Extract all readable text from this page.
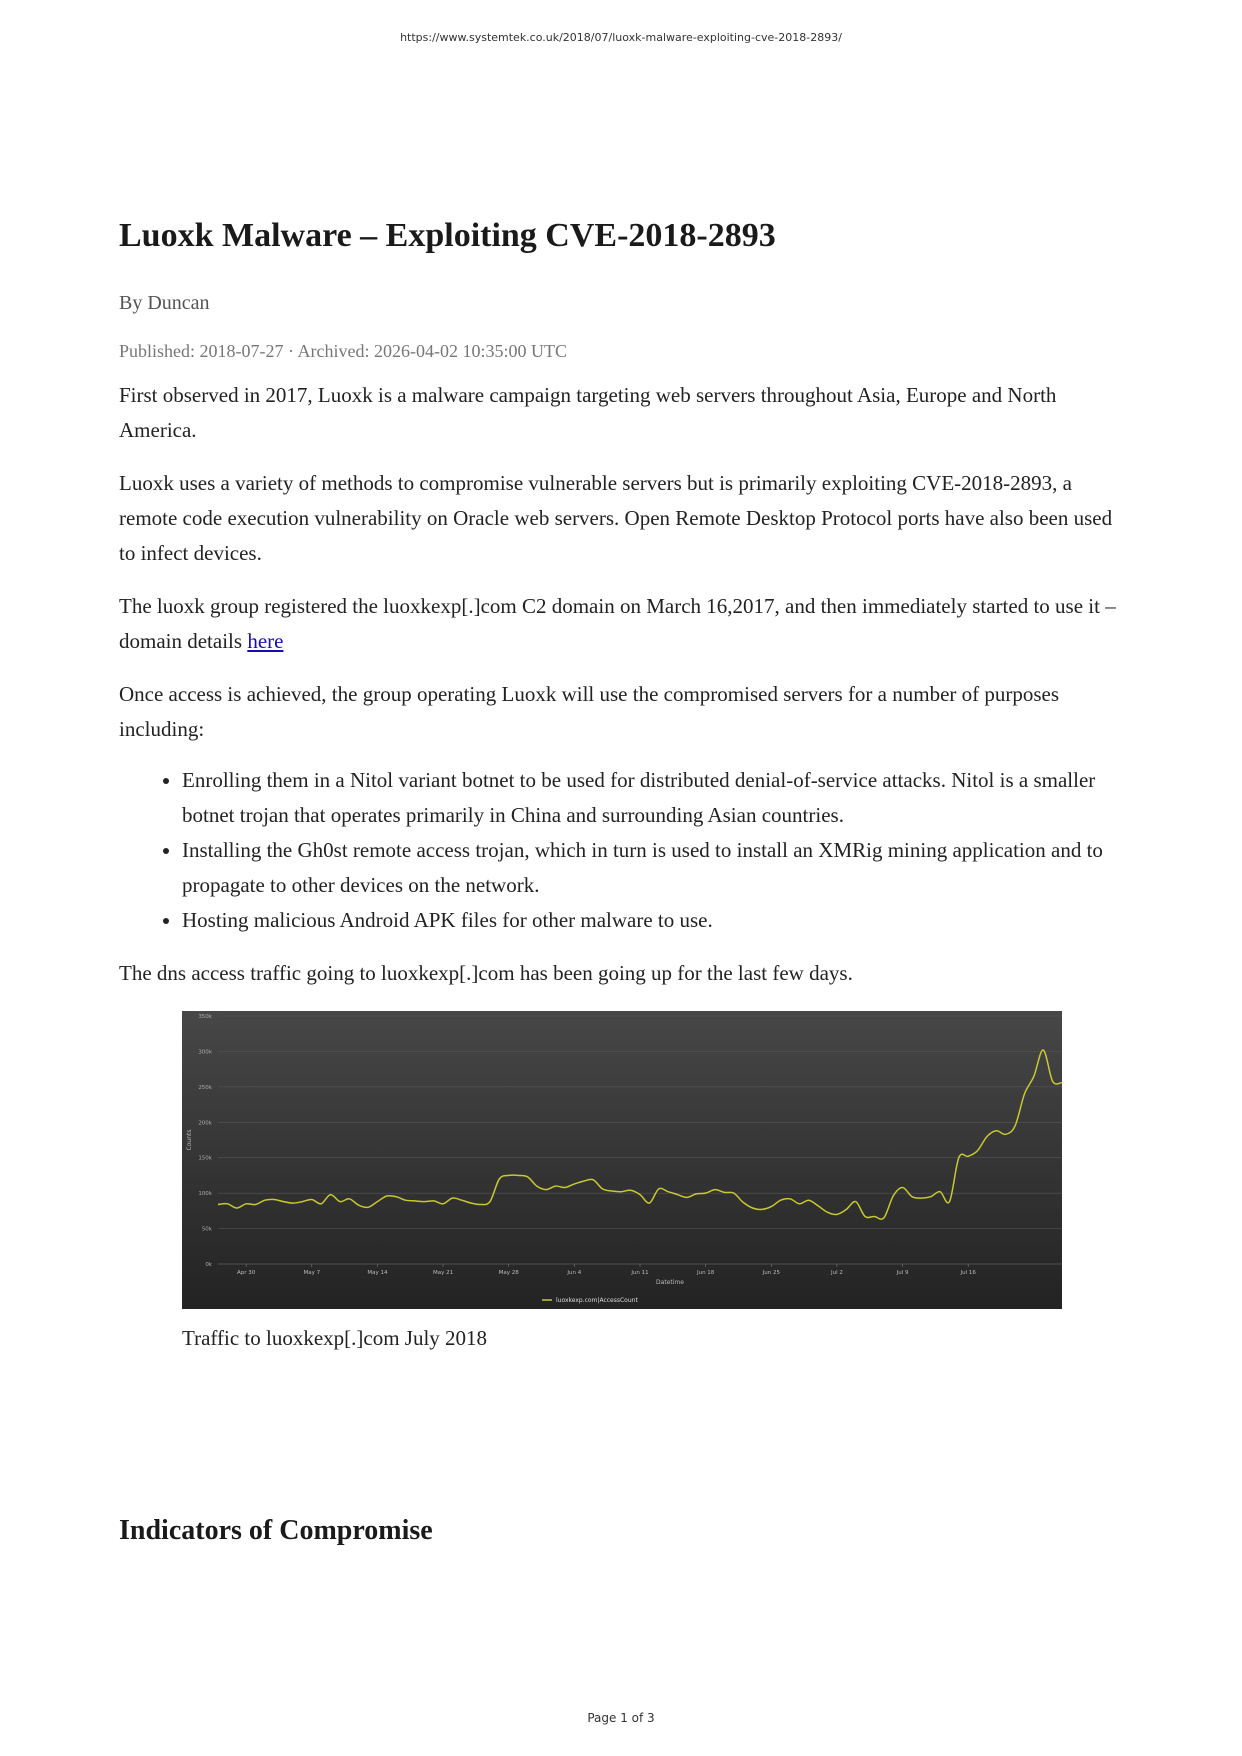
https://www.systemtek.co.uk/2018/07/luoxk-malware-exploiting-cve-2018-2893/
Luoxk Malware – Exploiting CVE-2018-2893
By Duncan
Published: 2018-07-27 · Archived: 2026-04-02 10:35:00 UTC

First observed in 2017, Luoxk is a malware campaign targeting web servers throughout Asia, Europe and North America.

Luoxk uses a variety of methods to compromise vulnerable servers but is primarily exploiting CVE-2018-2893, a remote code execution vulnerability on Oracle web servers. Open Remote Desktop Protocol ports have also been used to infect devices.

The luoxk group registered the luoxkexp[.]com C2 domain on March 16,2017, and then immediately started to use it – domain details here

Once access is achieved, the group operating Luoxk will use the compromised servers for a number of purposes including:

• Enrolling them in a Nitol variant botnet to be used for distributed denial-of-service attacks. Nitol is a smaller botnet trojan that operates primarily in China and surrounding Asian countries.
• Installing the Gh0st remote access trojan, which in turn is used to install an XMRig mining application and to propagate to other devices on the network.
• Hosting malicious Android APK files for other malware to use.

The dns access traffic going to luoxkexp[.]com has been going up for the last few days.

0k
50k
100k
150k
200k
250k
300k
350k
Apr 30	May 7	May 14	May 21	May 28	Jun 4	Jun 11	Jun 18	Jun 25	Jul 2	Jul 9	Jul 16
Counts
Datetime
luoxkexp.com|AccessCount
Traffic to luoxkexp[.]com July 2018
Indicators of Compromise
Page 1 of 3
